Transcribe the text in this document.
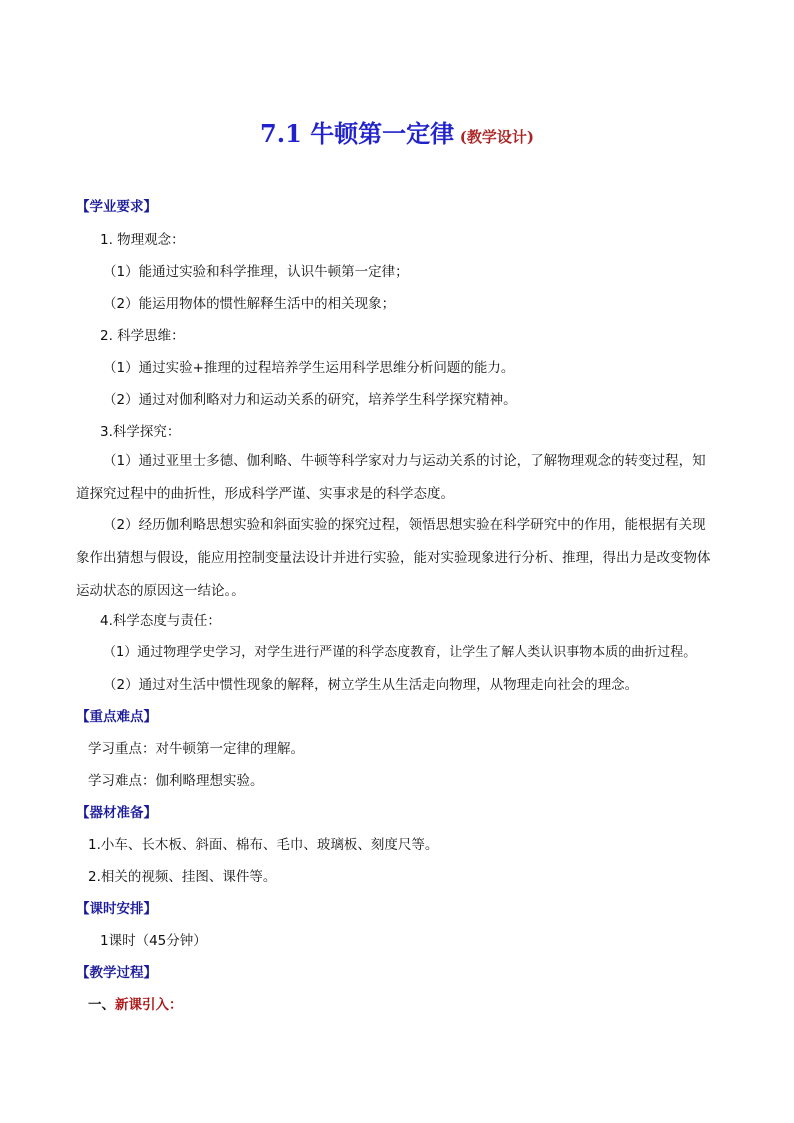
7.1 牛顿第一定律 (教学设计)
【学业要求】
1. 物理观念：
（1）能通过实验和科学推理，认识牛顿第一定律；
（2）能运用物体的惯性解释生活中的相关现象；
2. 科学思维：
（1）通过实验+推理的过程培养学生运用科学思维分析问题的能力。
（2）通过对伽利略对力和运动关系的研究，培养学生科学探究精神。
3.科学探究：
（1）通过亚里士多德、伽利略、牛顿等科学家对力与运动关系的讨论，了解物理观念的转变过程，知道探究过程中的曲折性，形成科学严谨、实事求是的科学态度。
（2）经历伽利略思想实验和斜面实验的探究过程，领悟思想实验在科学研究中的作用，能根据有关现象作出猜想与假设，能应用控制变量法设计并进行实验，能对实验现象进行分析、推理，得出力是改变物体运动状态的原因这一结论。。
4.科学态度与责任：
（1）通过物理学史学习，对学生进行严谨的科学态度教育，让学生了解人类认识事物本质的曲折过程。
（2）通过对生活中惯性现象的解释，树立学生从生活走向物理，从物理走向社会的理念。
【重点难点】
学习重点：对牛顿第一定律的理解。
学习难点：伽利略理想实验。
【器材准备】
1.小车、长木板、斜面、棉布、毛巾、玻璃板、刻度尺等。
2.相关的视频、挂图、课件等。
【课时安排】
1课时（45分钟）
【教学过程】
一、新课引入：
